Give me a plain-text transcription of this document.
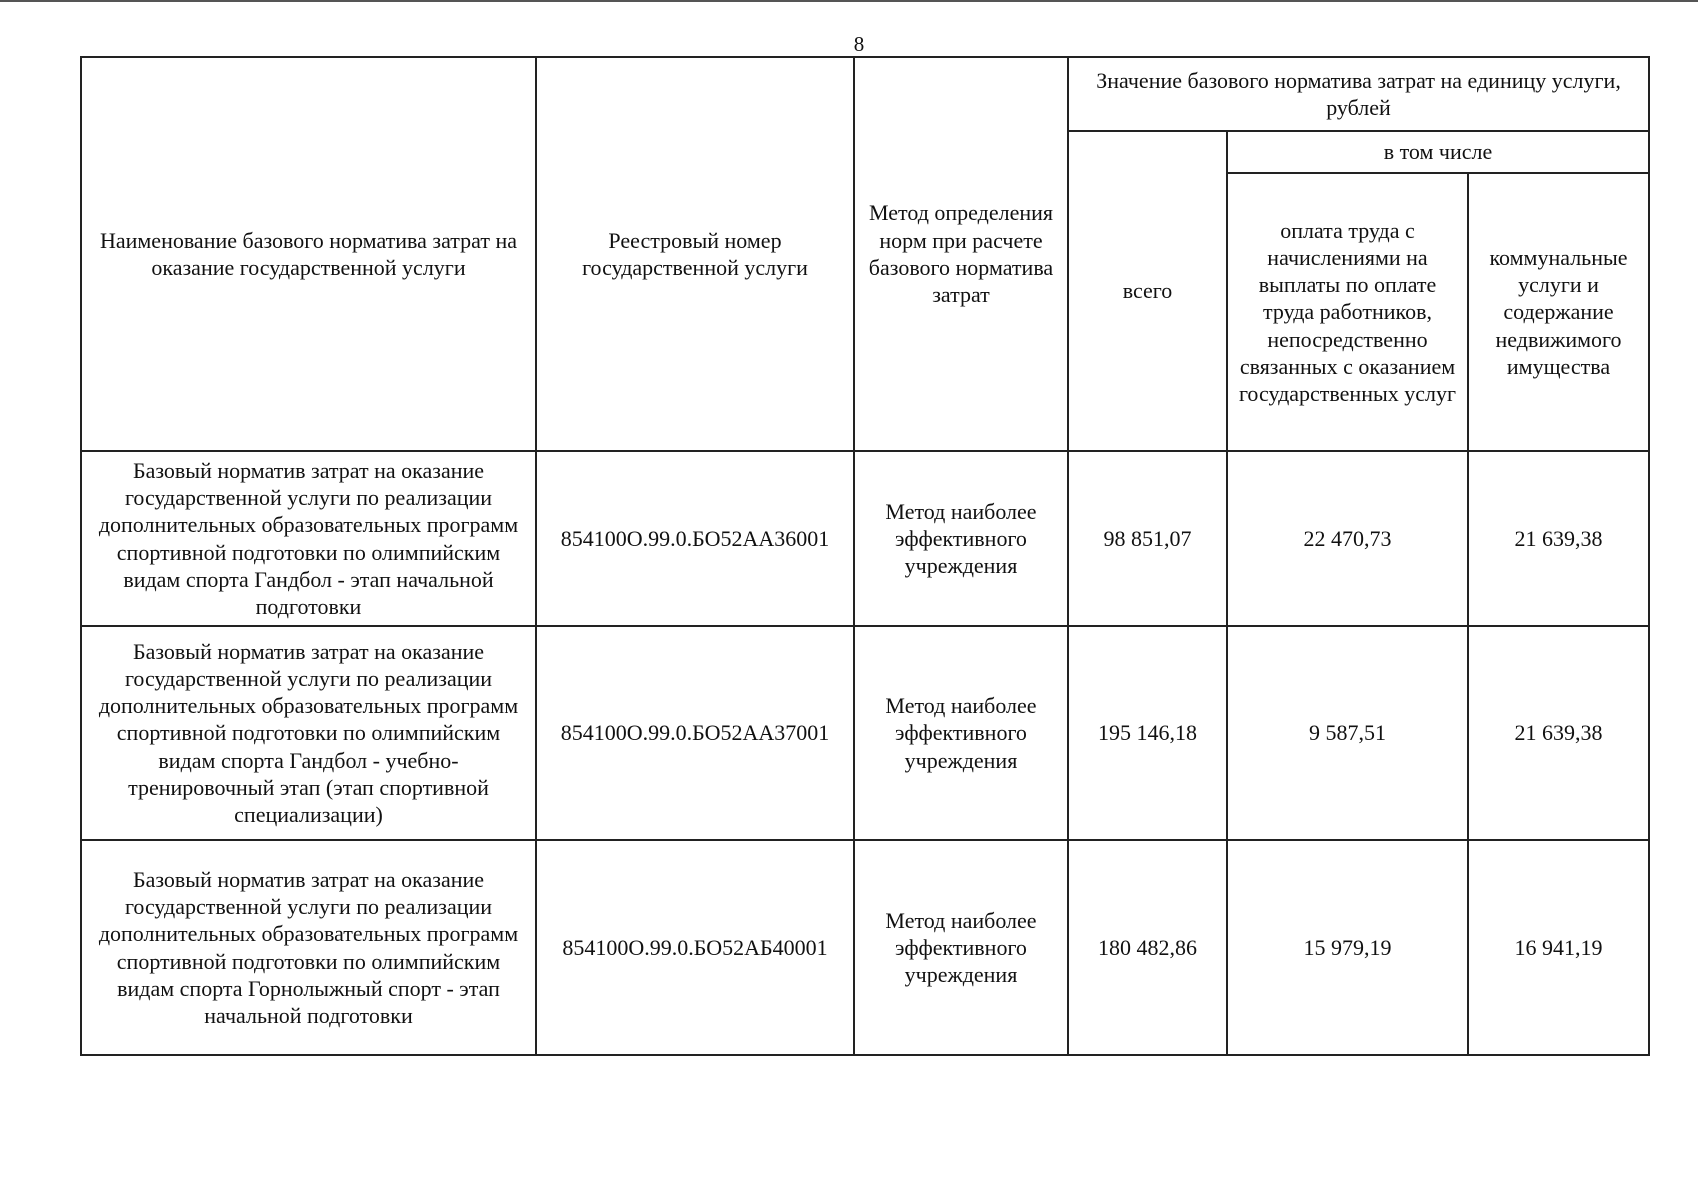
8
Наименование базового норматива затрат на оказание государственной услуги	Реестровый номер государственной услуги	Метод определения норм при расчете базового норматива затрат	Значение базового норматива затрат на единицу услуги, рублей		
			всего	в том числе	
				оплата труда с начислениями на выплаты по оплате труда работников, непосредственно связанных с оказанием государственных услуг	коммунальные услуги и содержание недвижимого имущества
Базовый норматив затрат на оказание государственной услуги по реализации дополнительных образовательных программ спортивной подготовки по олимпийским видам спорта Гандбол - этап начальной подготовки	854100О.99.0.БО52АА36001	Метод наиболее эффективного учреждения	98 851,07	22 470,73	21 639,38
Базовый норматив затрат на оказание государственной услуги по реализации дополнительных образовательных программ спортивной подготовки по олимпийским видам спорта Гандбол - учебно-тренировочный этап (этап спортивной специализации)	854100О.99.0.БО52АА37001	Метод наиболее эффективного учреждения	195 146,18	9 587,51	21 639,38
Базовый норматив затрат на оказание государственной услуги по реализации дополнительных образовательных программ спортивной подготовки по олимпийским видам спорта Горнолыжный спорт - этап начальной подготовки	854100О.99.0.БО52АБ40001	Метод наиболее эффективного учреждения	180 482,86	15 979,19	16 941,19
